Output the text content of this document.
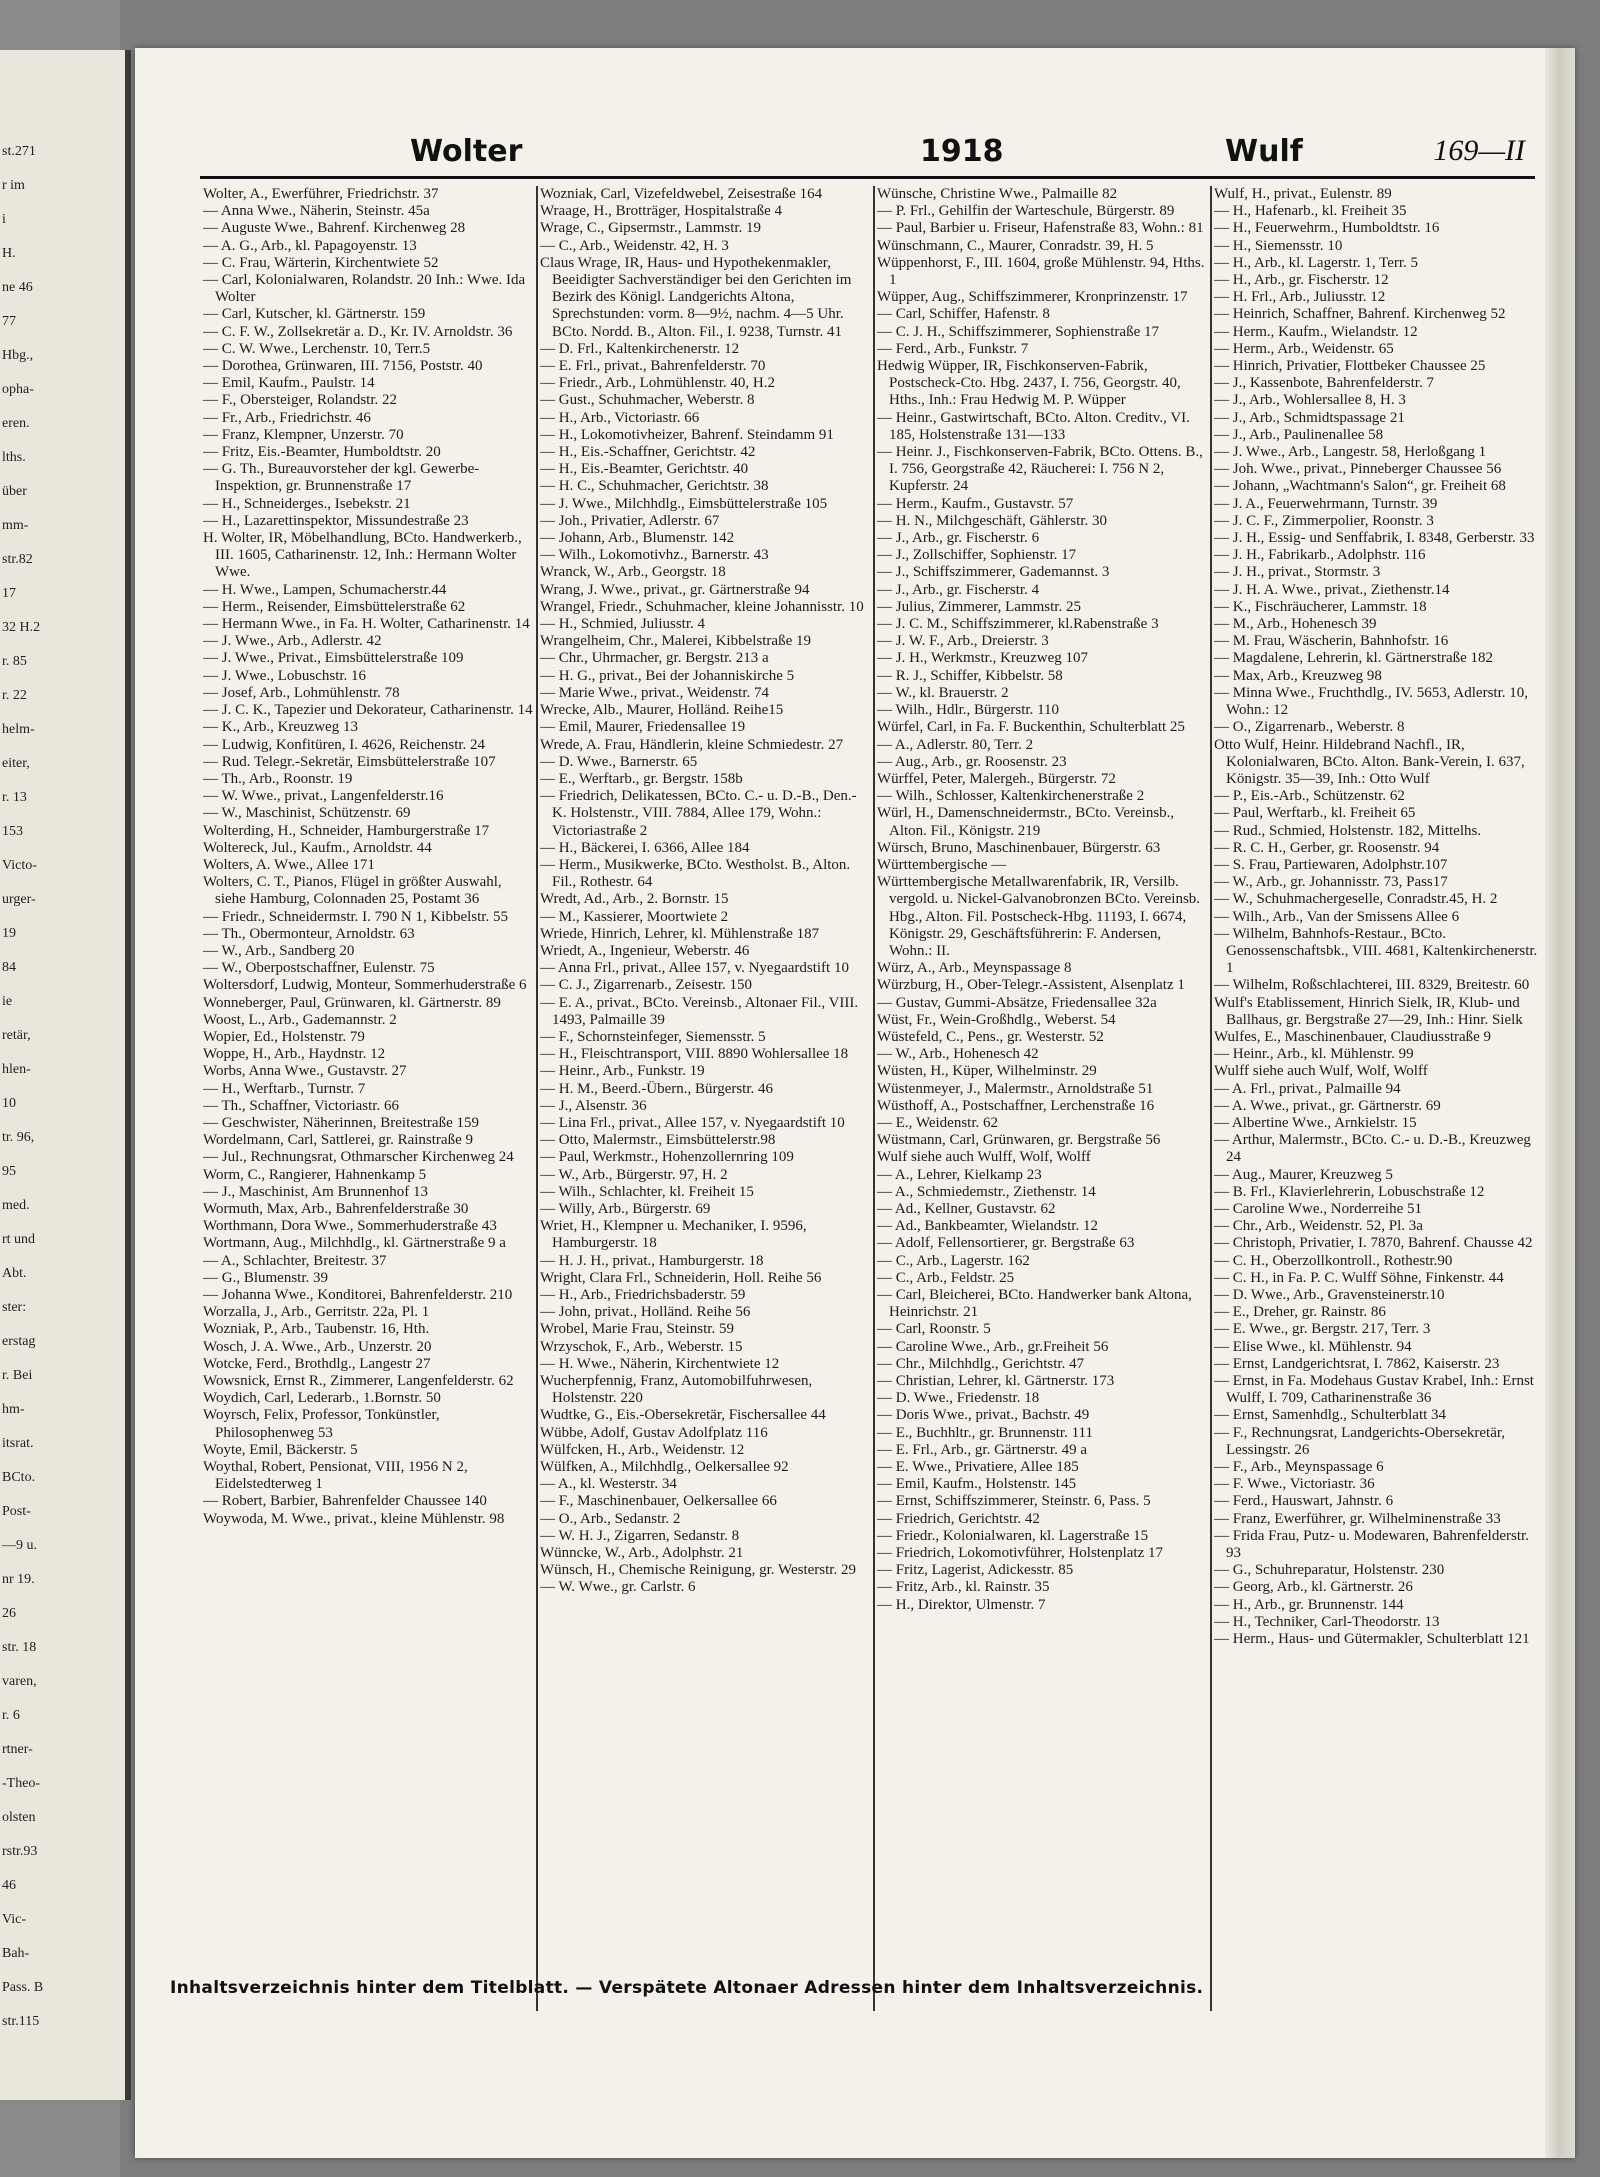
st.271
r im
i
H.
ne 46
77
Hbg.,
opha-
eren.
lths.
über
mm-
str.82
17
32 H.2
r. 85
r. 22
helm-
eiter,
r. 13
153
Victo-
urger-
19
84
ie
retär,
hlen-
10
tr. 96,
95
med.
rt und
Abt.
ster:
erstag
r. Bei
hm-
itsrat.
BCto.
Post-
—9 u.
nr 19.
26
str. 18
varen,
r. 6
rtner-
-Theo-
olsten
rstr.93
46
Vic-
Bah-
Pass. B
str.115
Wolter	1918	Wulf	169—II

Wolter, A., Ewerführer, Friedrichstr. 37

— Anna Wwe., Näherin, Steinstr. 45a

— Auguste Wwe., Bahrenf. Kirchenweg 28

— A. G., Arb., kl. Papagoyenstr. 13

— C. Frau, Wärterin, Kirchentwiete 52

— Carl, Kolonialwaren, Rolandstr. 20 Inh.: Wwe. Ida Wolter

— Carl, Kutscher, kl. Gärtnerstr. 159

— C. F. W., Zollsekretär a. D., Kr. IV. Arnoldstr. 36

— C. W. Wwe., Lerchenstr. 10, Terr.5

— Dorothea, Grünwaren, III. 7156, Poststr. 40

— Emil, Kaufm., Paulstr. 14

— F., Obersteiger, Rolandstr. 22

— Fr., Arb., Friedrichstr. 46

— Franz, Klempner, Unzerstr. 70

— Fritz, Eis.-Beamter, Humboldtstr. 20

— G. Th., Bureauvorsteher der kgl. Gewerbe-Inspektion, gr. Brunnenstraße 17

— H., Schneiderges., Isebekstr. 21

— H., Lazarettinspektor, Missundestraße 23

H. Wolter, IR, Möbelhandlung, BCto. Handwerkerb., III. 1605, Catharinenstr. 12, Inh.: Hermann Wolter Wwe.

— H. Wwe., Lampen, Schumacherstr.44

— Herm., Reisender, Eimsbüttelerstraße 62

— Hermann Wwe., in Fa. H. Wolter, Catharinenstr. 14

— J. Wwe., Arb., Adlerstr. 42

— J. Wwe., Privat., Eimsbüttelerstraße 109

— J. Wwe., Lobuschstr. 16

— Josef, Arb., Lohmühlenstr. 78

— J. C. K., Tapezier und Dekorateur, Catharinenstr. 14

— K., Arb., Kreuzweg 13

— Ludwig, Konfitüren, I. 4626, Reichenstr. 24

— Rud. Telegr.-Sekretär, Eimsbüttelerstraße 107

— Th., Arb., Roonstr. 19

— W. Wwe., privat., Langenfelderstr.16

— W., Maschinist, Schützenstr. 69

Wolterding, H., Schneider, Hamburgerstraße 17

Woltereck, Jul., Kaufm., Arnoldstr. 44

Wolters, A. Wwe., Allee 171

Wolters, C. T., Pianos, Flügel in größter Auswahl, siehe Hamburg, Colonnaden 25, Postamt 36

— Friedr., Schneidermstr. I. 790 N 1, Kibbelstr. 55

— Th., Obermonteur, Arnoldstr. 63

— W., Arb., Sandberg 20

— W., Oberpostschaffner, Eulenstr. 75

Woltersdorf, Ludwig, Monteur, Sommerhuderstraße 6

Wonneberger, Paul, Grünwaren, kl. Gärtnerstr. 89

Woost, L., Arb., Gademannstr. 2

Wopier, Ed., Holstenstr. 79

Woppe, H., Arb., Haydnstr. 12

Worbs, Anna Wwe., Gustavstr. 27

— H., Werftarb., Turnstr. 7

— Th., Schaffner, Victoriastr. 66

— Geschwister, Näherinnen, Breitestraße 159

Wordelmann, Carl, Sattlerei, gr. Rainstraße 9

— Jul., Rechnungsrat, Othmarscher Kirchenweg 24

Worm, C., Rangierer, Hahnenkamp 5

— J., Maschinist, Am Brunnenhof 13

Wormuth, Max, Arb., Bahrenfelderstraße 30

Worthmann, Dora Wwe., Sommerhuderstraße 43

Wortmann, Aug., Milchhdlg., kl. Gärtnerstraße 9 a

— A., Schlachter, Breitestr. 37

— G., Blumenstr. 39

— Johanna Wwe., Konditorei, Bahrenfelderstr. 210

Worzalla, J., Arb., Gerritstr. 22a, Pl. 1

Wozniak, P., Arb., Taubenstr. 16, Hth.

Wosch, J. A. Wwe., Arb., Unzerstr. 20

Wotcke, Ferd., Brothdlg., Langestr 27

Wowsnick, Ernst R., Zimmerer, Langenfelderstr. 62

Woydich, Carl, Lederarb., 1.Bornstr. 50

Woyrsch, Felix, Professor, Tonkünstler, Philosophenweg 53

Woyte, Emil, Bäckerstr. 5

Woythal, Robert, Pensionat, VIII, 1956 N 2, Eidelstedterweg 1

— Robert, Barbier, Bahrenfelder Chaussee 140

Woywoda, M. Wwe., privat., kleine Mühlenstr. 98

Wozniak, Carl, Vizefeldwebel, Zeisestraße 164

Wraage, H., Brotträger, Hospitalstraße 4

Wrage, C., Gipsermstr., Lammstr. 19

— C., Arb., Weidenstr. 42, H. 3

Claus Wrage, IR, Haus- und Hypothekenmakler, Beeidigter Sachverständiger bei den Gerichten im Bezirk des Königl. Landgerichts Altona, Sprechstunden: vorm. 8—9½, nachm. 4—5 Uhr. BCto. Nordd. B., Alton. Fil., I. 9238, Turnstr. 41

— D. Frl., Kaltenkirchenerstr. 12

— E. Frl., privat., Bahrenfelderstr. 70

— Friedr., Arb., Lohmühlenstr. 40, H.2

— Gust., Schuhmacher, Weberstr. 8

— H., Arb., Victoriastr. 66

— H., Lokomotivheizer, Bahrenf. Steindamm 91

— H., Eis.-Schaffner, Gerichtstr. 42

— H., Eis.-Beamter, Gerichtstr. 40

— H. C., Schuhmacher, Gerichtstr. 38

— J. Wwe., Milchhdlg., Eimsbüttelerstraße 105

— Joh., Privatier, Adlerstr. 67

— Johann, Arb., Blumenstr. 142

— Wilh., Lokomotivhz., Barnerstr. 43

Wranck, W., Arb., Georgstr. 18

Wrang, J. Wwe., privat., gr. Gärtnerstraße 94

Wrangel, Friedr., Schuhmacher, kleine Johannisstr. 10

— H., Schmied, Juliusstr. 4

Wrangelheim, Chr., Malerei, Kibbelstraße 19

— Chr., Uhrmacher, gr. Bergstr. 213 a

— H. G., privat., Bei der Johanniskirche 5

— Marie Wwe., privat., Weidenstr. 74

Wrecke, Alb., Maurer, Holländ. Reihe15

— Emil, Maurer, Friedensallee 19

Wrede, A. Frau, Händlerin, kleine Schmiedestr. 27

— D. Wwe., Barnerstr. 65

— E., Werftarb., gr. Bergstr. 158b

— Friedrich, Delikatessen, BCto. C.- u. D.-B., Den.-K. Holstenstr., VIII. 7884, Allee 179, Wohn.: Victoriastraße 2

— H., Bäckerei, I. 6366, Allee 184

— Herm., Musikwerke, BCto. Westholst. B., Alton. Fil., Rothestr. 64

Wredt, Ad., Arb., 2. Bornstr. 15

— M., Kassierer, Moortwiete 2

Wriede, Hinrich, Lehrer, kl. Mühlenstraße 187

Wriedt, A., Ingenieur, Weberstr. 46

— Anna Frl., privat., Allee 157, v. Nyegaardstift 10

— C. J., Zigarrenarb., Zeisestr. 150

— E. A., privat., BCto. Vereinsb., Altonaer Fil., VIII. 1493, Palmaille 39

— F., Schornsteinfeger, Siemensstr. 5

— H., Fleischtransport, VIII. 8890 Wohlersallee 18

— Heinr., Arb., Funkstr. 19

— H. M., Beerd.-Übern., Bürgerstr. 46

— J., Alsenstr. 36

— Lina Frl., privat., Allee 157, v. Nyegaardstift 10

— Otto, Malermstr., Eimsbüttelerstr.98

— Paul, Werkmstr., Hohenzollernring 109

— W., Arb., Bürgerstr. 97, H. 2

— Wilh., Schlachter, kl. Freiheit 15

— Willy, Arb., Bürgerstr. 69

Wriet, H., Klempner u. Mechaniker, I. 9596, Hamburgerstr. 18

— H. J. H., privat., Hamburgerstr. 18

Wright, Clara Frl., Schneiderin, Holl. Reihe 56

— H., Arb., Friedrichsbaderstr. 59

— John, privat., Holländ. Reihe 56

Wrobel, Marie Frau, Steinstr. 59

Wrzyschok, F., Arb., Weberstr. 15

— H. Wwe., Näherin, Kirchentwiete 12

Wucherpfennig, Franz, Automobilfuhrwesen, Holstenstr. 220

Wudtke, G., Eis.-Obersekretär, Fischersallee 44

Wübbe, Adolf, Gustav Adolfplatz 116

Wülfcken, H., Arb., Weidenstr. 12

Wülfken, A., Milchhdlg., Oelkersallee 92

— A., kl. Westerstr. 34

— F., Maschinenbauer, Oelkersallee 66

— O., Arb., Sedanstr. 2

— W. H. J., Zigarren, Sedanstr. 8

Wünncke, W., Arb., Adolphstr. 21

Wünsch, H., Chemische Reinigung, gr. Westerstr. 29

— W. Wwe., gr. Carlstr. 6

Wünsche, Christine Wwe., Palmaille 82

— P. Frl., Gehilfin der Warteschule, Bürgerstr. 89

— Paul, Barbier u. Friseur, Hafenstraße 83, Wohn.: 81

Wünschmann, C., Maurer, Conradstr. 39, H. 5

Wüppenhorst, F., III. 1604, große Mühlenstr. 94, Hths. 1

Wüpper, Aug., Schiffszimmerer, Kronprinzenstr. 17

— Carl, Schiffer, Hafenstr. 8

— C. J. H., Schiffszimmerer, Sophienstraße 17

— Ferd., Arb., Funkstr. 7

Hedwig Wüpper, IR, Fischkonserven-Fabrik, Postscheck-Cto. Hbg. 2437, I. 756, Georgstr. 40, Hths., Inh.: Frau Hedwig M. P. Wüpper

— Heinr., Gastwirtschaft, BCto. Alton. Creditv., VI. 185, Holstenstraße 131—133

— Heinr. J., Fischkonserven-Fabrik, BCto. Ottens. B., I. 756, Georgstraße 42, Räucherei: I. 756 N 2, Kupferstr. 24

— Herm., Kaufm., Gustavstr. 57

— H. N., Milchgeschäft, Gählerstr. 30

— J., Arb., gr. Fischerstr. 6

— J., Zollschiffer, Sophienstr. 17

— J., Schiffszimmerer, Gademannst. 3

— J., Arb., gr. Fischerstr. 4

— Julius, Zimmerer, Lammstr. 25

— J. C. M., Schiffszimmerer, kl.Rabenstraße 3

— J. W. F., Arb., Dreierstr. 3

— J. H., Werkmstr., Kreuzweg 107

— R. J., Schiffer, Kibbelstr. 58

— W., kl. Brauerstr. 2

— Wilh., Hdlr., Bürgerstr. 110

Würfel, Carl, in Fa. F. Buckenthin, Schulterblatt 25

— A., Adlerstr. 80, Terr. 2

— Aug., Arb., gr. Roosenstr. 23

Würffel, Peter, Malergeh., Bürgerstr. 72

— Wilh., Schlosser, Kaltenkirchenerstraße 2

Würl, H., Damenschneidermstr., BCto. Vereinsb., Alton. Fil., Königstr. 219

Würsch, Bruno, Maschinenbauer, Bürgerstr. 63

Württembergische —

Württembergische Metallwarenfabrik, IR, Versilb. vergold. u. Nickel-Galvanobronzen BCto. Vereinsb. Hbg., Alton. Fil. Postscheck-Hbg. 11193, I. 6674, Königstr. 29, Geschäftsführerin: F. Andersen, Wohn.: II.

Würz, A., Arb., Meynspassage 8

Würzburg, H., Ober-Telegr.-Assistent, Alsenplatz 1

— Gustav, Gummi-Absätze, Friedensallee 32a

Wüst, Fr., Wein-Großhdlg., Weberst. 54

Wüstefeld, C., Pens., gr. Westerstr. 52

— W., Arb., Hohenesch 42

Wüsten, H., Küper, Wilhelminstr. 29

Wüstenmeyer, J., Malermstr., Arnoldstraße 51

Wüsthoff, A., Postschaffner, Lerchenstraße 16

— E., Weidenstr. 62

Wüstmann, Carl, Grünwaren, gr. Bergstraße 56

Wulf siehe auch Wulff, Wolf, Wolff

— A., Lehrer, Kielkamp 23

— A., Schmiedemstr., Ziethenstr. 14

— Ad., Kellner, Gustavstr. 62

— Ad., Bankbeamter, Wielandstr. 12

— Adolf, Fellensortierer, gr. Bergstraße 63

— C., Arb., Lagerstr. 162

— C., Arb., Feldstr. 25

— Carl, Bleicherei, BCto. Handwerker bank Altona, Heinrichstr. 21

— Carl, Roonstr. 5

— Caroline Wwe., Arb., gr.Freiheit 56

— Chr., Milchhdlg., Gerichtstr. 47

— Christian, Lehrer, kl. Gärtnerstr. 173

— D. Wwe., Friedenstr. 18

— Doris Wwe., privat., Bachstr. 49

— E., Buchhltr., gr. Brunnenstr. 111

— E. Frl., Arb., gr. Gärtnerstr. 49 a

— E. Wwe., Privatiere, Allee 185

— Emil, Kaufm., Holstenstr. 145

— Ernst, Schiffszimmerer, Steinstr. 6, Pass. 5

— Friedrich, Gerichtstr. 42

— Friedr., Kolonialwaren, kl. Lagerstraße 15

— Friedrich, Lokomotivführer, Holstenplatz 17

— Fritz, Lagerist, Adickesstr. 85

— Fritz, Arb., kl. Rainstr. 35

— H., Direktor, Ulmenstr. 7

Wulf, H., privat., Eulenstr. 89

— H., Hafenarb., kl. Freiheit 35

— H., Feuerwehrm., Humboldtstr. 16

— H., Siemensstr. 10

— H., Arb., kl. Lagerstr. 1, Terr. 5

— H., Arb., gr. Fischerstr. 12

— H. Frl., Arb., Juliusstr. 12

— Heinrich, Schaffner, Bahrenf. Kirchenweg 52

— Herm., Kaufm., Wielandstr. 12

— Herm., Arb., Weidenstr. 65

— Hinrich, Privatier, Flottbeker Chaussee 25

— J., Kassenbote, Bahrenfelderstr. 7

— J., Arb., Wohlersallee 8, H. 3

— J., Arb., Schmidtspassage 21

— J., Arb., Paulinenallee 58

— J. Wwe., Arb., Langestr. 58, Herloßgang 1

— Joh. Wwe., privat., Pinneberger Chaussee 56

— Johann, „Wachtmann's Salon“, gr. Freiheit 68

— J. A., Feuerwehrmann, Turnstr. 39

— J. C. F., Zimmerpolier, Roonstr. 3

— J. H., Essig- und Senffabrik, I. 8348, Gerberstr. 33

— J. H., Fabrikarb., Adolphstr. 116

— J. H., privat., Stormstr. 3

— J. H. A. Wwe., privat., Ziethenstr.14

— K., Fischräucherer, Lammstr. 18

— M., Arb., Hohenesch 39

— M. Frau, Wäscherin, Bahnhofstr. 16

— Magdalene, Lehrerin, kl. Gärtnerstraße 182

— Max, Arb., Kreuzweg 98

— Minna Wwe., Fruchthdlg., IV. 5653, Adlerstr. 10, Wohn.: 12

— O., Zigarrenarb., Weberstr. 8

Otto Wulf, Heinr. Hildebrand Nachfl., IR, Kolonialwaren, BCto. Alton. Bank-Verein, I. 637, Königstr. 35—39, Inh.: Otto Wulf

— P., Eis.-Arb., Schützenstr. 62

— Paul, Werftarb., kl. Freiheit 65

— Rud., Schmied, Holstenstr. 182, Mittelhs.

— R. C. H., Gerber, gr. Roosenstr. 94

— S. Frau, Partiewaren, Adolphstr.107

— W., Arb., gr. Johannisstr. 73, Pass17

— W., Schuhmachergeselle, Conradstr.45, H. 2

— Wilh., Arb., Van der Smissens Allee 6

— Wilhelm, Bahnhofs-Restaur., BCto. Genossenschaftsbk., VIII. 4681, Kaltenkirchenerstr. 1

— Wilhelm, Roßschlachterei, III. 8329, Breitestr. 60

Wulf's Etablissement, Hinrich Sielk, IR, Klub- und Ballhaus, gr. Bergstraße 27—29, Inh.: Hinr. Sielk

Wulfes, E., Maschinenbauer, Claudiusstraße 9

— Heinr., Arb., kl. Mühlenstr. 99

Wulff siehe auch Wulf, Wolf, Wolff

— A. Frl., privat., Palmaille 94

— A. Wwe., privat., gr. Gärtnerstr. 69

— Albertine Wwe., Arnkielstr. 15

— Arthur, Malermstr., BCto. C.- u. D.-B., Kreuzweg 24

— Aug., Maurer, Kreuzweg 5

— B. Frl., Klavierlehrerin, Lobuschstraße 12

— Caroline Wwe., Norderreihe 51

— Chr., Arb., Weidenstr. 52, Pl. 3a

— Christoph, Privatier, I. 7870, Bahrenf. Chausse 42

— C. H., Oberzollkontroll., Rothestr.90

— C. H., in Fa. P. C. Wulff Söhne, Finkenstr. 44

— D. Wwe., Arb., Gravensteinerstr.10

— E., Dreher, gr. Rainstr. 86

— E. Wwe., gr. Bergstr. 217, Terr. 3

— Elise Wwe., kl. Mühlenstr. 94

— Ernst, Landgerichtsrat, I. 7862, Kaiserstr. 23

— Ernst, in Fa. Modehaus Gustav Krabel, Inh.: Ernst Wulff, I. 709, Catharinenstraße 36

— Ernst, Samenhdlg., Schulterblatt 34

— F., Rechnungsrat, Landgerichts-Obersekretär, Lessingstr. 26

— F., Arb., Meynspassage 6

— F. Wwe., Victoriastr. 36

— Ferd., Hauswart, Jahnstr. 6

— Franz, Ewerführer, gr. Wilhelminenstraße 33

— Frida Frau, Putz- u. Modewaren, Bahrenfelderstr. 93

— G., Schuhreparatur, Holstenstr. 230

— Georg, Arb., kl. Gärtnerstr. 26

— H., Arb., gr. Brunnenstr. 144

— H., Techniker, Carl-Theodorstr. 13

— Herm., Haus- und Gütermakler, Schulterblatt 121

Inhaltsverzeichnis hinter dem Titelblatt. — Verspätete Altonaer Adressen hinter dem Inhaltsverzeichnis.
